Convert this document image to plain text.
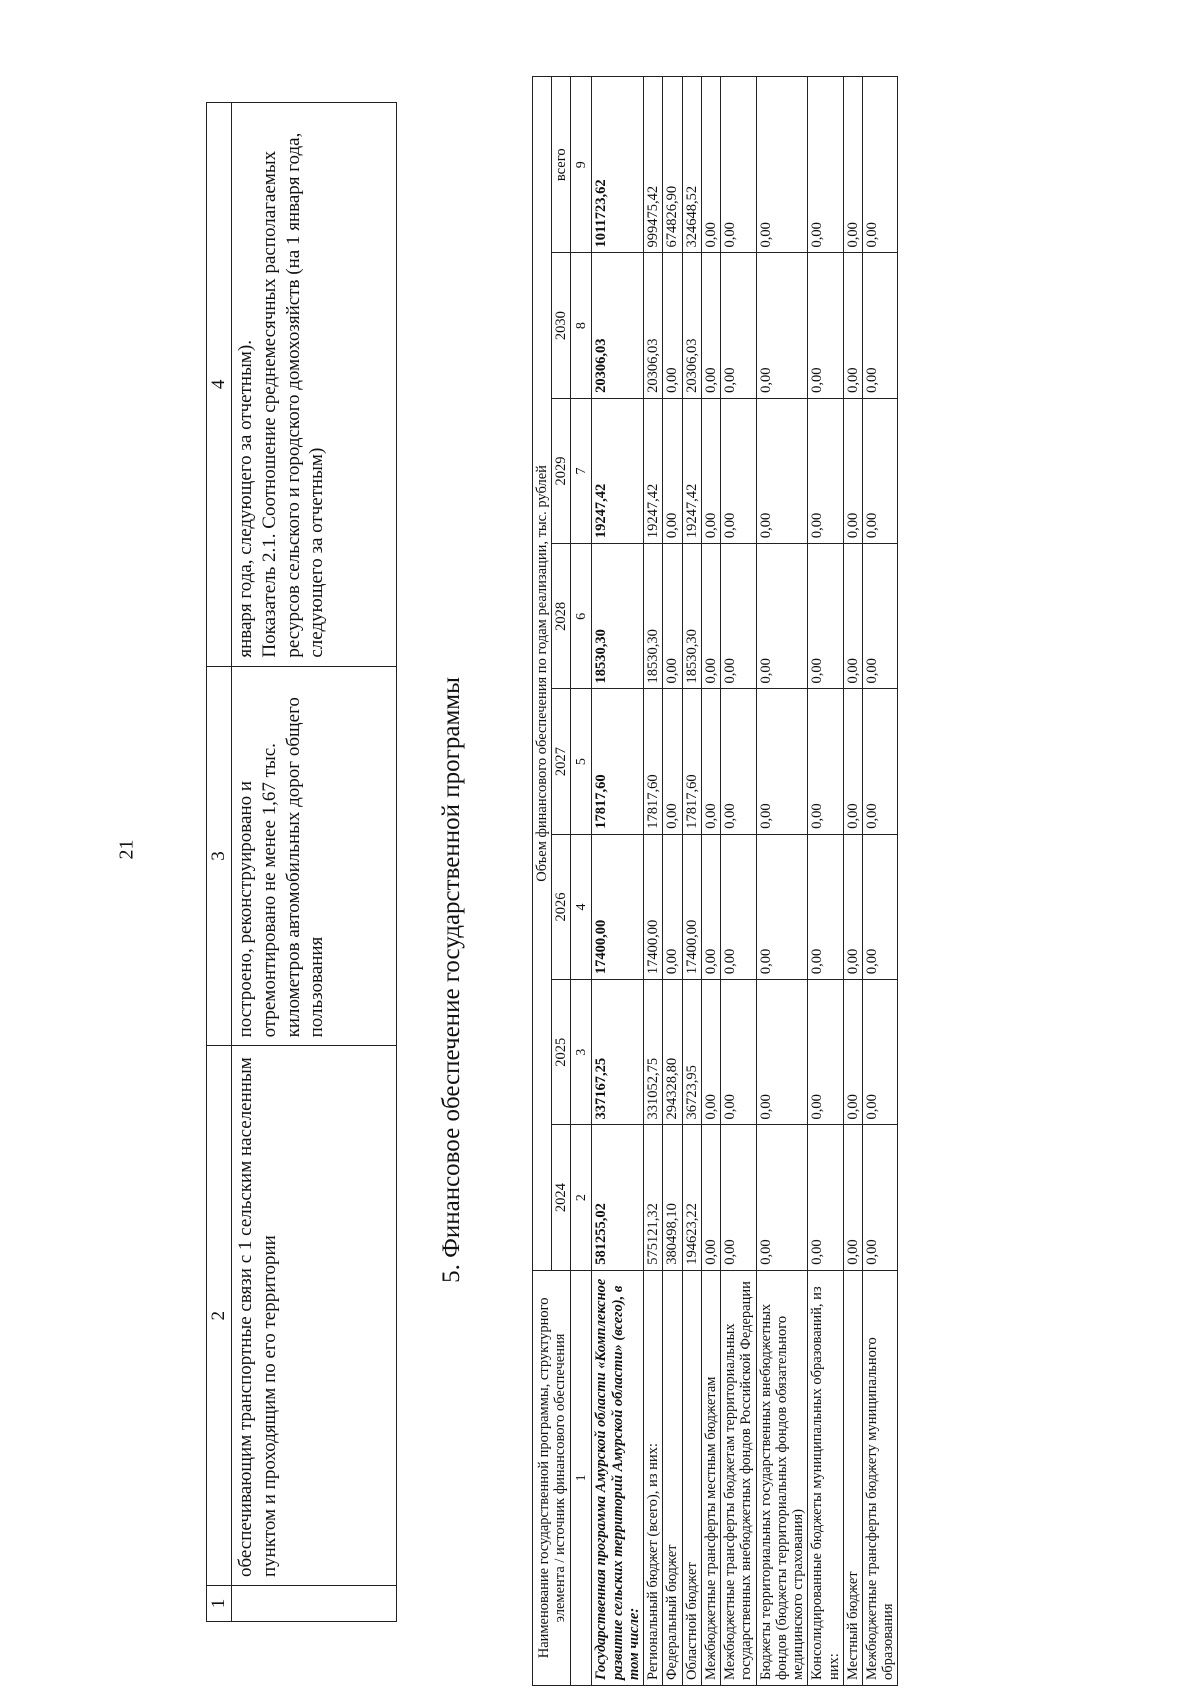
21
1	2	3	4
	обеспечивающим транспортные связи с 1 сельским населенным пунктом и проходящим по его территории	построено, реконструировано и отремонтировано не менее 1,67 тыс. километров автомобильных дорог общего пользования	января года, следующего за отчетным). Показатель 2.1. Соотношение среднемесячных располагаемых ресурсов сельского и городского домохозяйств (на 1 января года, следующего за отчетным)
5. Финансовое обеспечение государственной программы
Наименование государственной программы, структурного элемента / источник финансового обеспечения	Объем финансового обеспечения по годам реализации, тыс. рублей							
	2024	2025	2026	2027	2028	2029	2030	всего
1	2	3	4	5	6	7	8	9
Государственная программа Амурской области «Комплексное развитие сельских территорий Амурской области» (всего), в том числе:	581255,02	337167,25	17400,00	17817,60	18530,30	19247,42	20306,03	1011723,62
Региональный бюджет (всего), из них:	575121,32	331052,75	17400,00	17817,60	18530,30	19247,42	20306,03	999475,42
Федеральный бюджет	380498,10	294328,80	0,00	0,00	0,00	0,00	0,00	674826,90
Областной бюджет	194623,22	36723,95	17400,00	17817,60	18530,30	19247,42	20306,03	324648,52
Межбюджетные трансферты местным бюджетам	0,00	0,00	0,00	0,00	0,00	0,00	0,00	0,00
Межбюджетные трансферты бюджетам территориальных государственных внебюджетных фондов Российской Федерации	0,00	0,00	0,00	0,00	0,00	0,00	0,00	0,00
Бюджеты территориальных государственных внебюджетных фондов (бюджеты территориальных фондов обязательного медицинского страхования)	0,00	0,00	0,00	0,00	0,00	0,00	0,00	0,00
Консолидированные бюджеты муниципальных образований, из них:	0,00	0,00	0,00	0,00	0,00	0,00	0,00	0,00
Местный бюджет	0,00	0,00	0,00	0,00	0,00	0,00	0,00	0,00
Межбюджетные трансферты бюджету муниципального образования	0,00	0,00	0,00	0,00	0,00	0,00	0,00	0,00
